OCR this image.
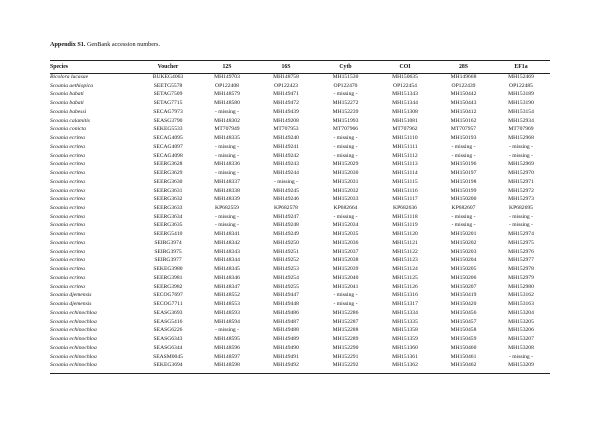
Appendix S1. GenBank accession numbers.
Species	Voucher	12S	16S	Cytb	COI	28S	EF1a
Bicolora lucasae	BUKEG4063	MH149703	MH148758	MH151530	MH150635	MH149668	MH152469
Scoania aethiopica	SEETG5578	OP122408	OP122423	OP122470	OP122454	OP122439	OP122485
Scoania babati	SETAG7509	MH148579	MH149471	- missing -	MH151343	MH150442	MH153189
Scoania babati	SETAG7715	MH148580	MH149472	MH152272	MH151344	MH150443	MH153190
Scoania babessi	SECAG7973	- missing -	MH149439	MH152239	MH151308	MH150412	MH153154
Scoania calamitis	SEASG3790	MH148302	MH149208	MH151993	MH151081	MH150162	MH152934
Scoania conicta	SEKEG5533	MT707949	MT707953	MT707966	MT707962	MT707957	MT707969
Scoania ecritea	SECAG4095	MH148335	MH149240	- missing -	MH151110	MH150193	MH152968
Scoania ecritea	SECAG4097	- missing -	MH149241	- missing -	MH151111	- missing -	- missing -
Scoania ecritea	SECAG4098	- missing -	MH149242	- missing -	MH151112	- missing -	- missing -
Scoania ecritea	SEERG3628	MH148336	MH149243	MH152029	MH151113	MH150196	MH152969
Scoania ecritea	SEERG3629	- missing -	MH149244	MH152030	MH151114	MH150197	MH152970
Scoania ecritea	SEERG3630	MH148337	- missing -	MH152031	MH151115	MH150198	MH152971
Scoania ecritea	SEERG3631	MH148338	MH149245	MH152032	MH151116	MH150199	MH152972
Scoania ecritea	SEERG3632	MH148339	MH149246	MH152033	MH151117	MH150200	MH152973
Scoania ecritea	SEERG3633	KP682559	KP682578	KP682664	KP682636	KP682607	KP682695
Scoania ecritea	SEERG3634	- missing -	MH149247	- missing -	MH151118	- missing -	- missing -
Scoania ecritea	SEERG3635	- missing -	MH149248	MH152034	MH151119	- missing -	- missing -
Scoania ecritea	SEERG5410	MH148341	MH149249	MH152035	MH151120	MH150201	MH152974
Scoania ecritea	SEIRG3974	MH148342	MH149250	MH152036	MH151121	MH150202	MH152975
Scoania ecritea	SEIRG3975	MH148343	MH149251	MH152037	MH151122	MH150203	MH152976
Scoania ecritea	SEIRG3977	MH148344	MH149252	MH152038	MH151123	MH150204	MH152977
Scoania ecritea	SEKEG3980	MH148345	MH149253	MH152039	MH151124	MH150205	MH152978
Scoania ecritea	SEERG3981	MH148346	MH149254	MH152040	MH151125	MH150206	MH152979
Scoania ecritea	SEERG3982	MH148347	MH149255	MH152041	MH151126	MH150207	MH152980
Scoania djemensis	SECOG7697	MH148552	MH149447	- missing -	MH151316	MH150419	MH153162
Scoania djemensis	SECOG7711	MH148553	MH149448	- missing -	MH151317	MH150420	MH153163
Scoania echinochloa	SEASG3693	MH148593	MH149486	MH152286	MH151334	MH150456	MH153204
Scoania echinochloa	SEASG5416	MH148594	MH149487	MH152287	MH151335	MH150457	MH153205
Scoania echinochloa	SEASG6226	- missing -	MH149488	MH152288	MH151358	MH150458	MH153206
Scoania echinochloa	SEASG6343	MH148595	MH149489	MH152289	MH151359	MH150459	MH153207
Scoania echinochloa	SEASG6344	MH148596	MH149490	MH152290	MH151360	MH150460	MH153208
Scoania echinochloa	SEASM0045	MH148597	MH149491	MH152291	MH151361	MH150461	- missing -
Scoania echinochloa	SEKEG3694	MH148598	MH149492	MH152292	MH151362	MH150462	MH153209
